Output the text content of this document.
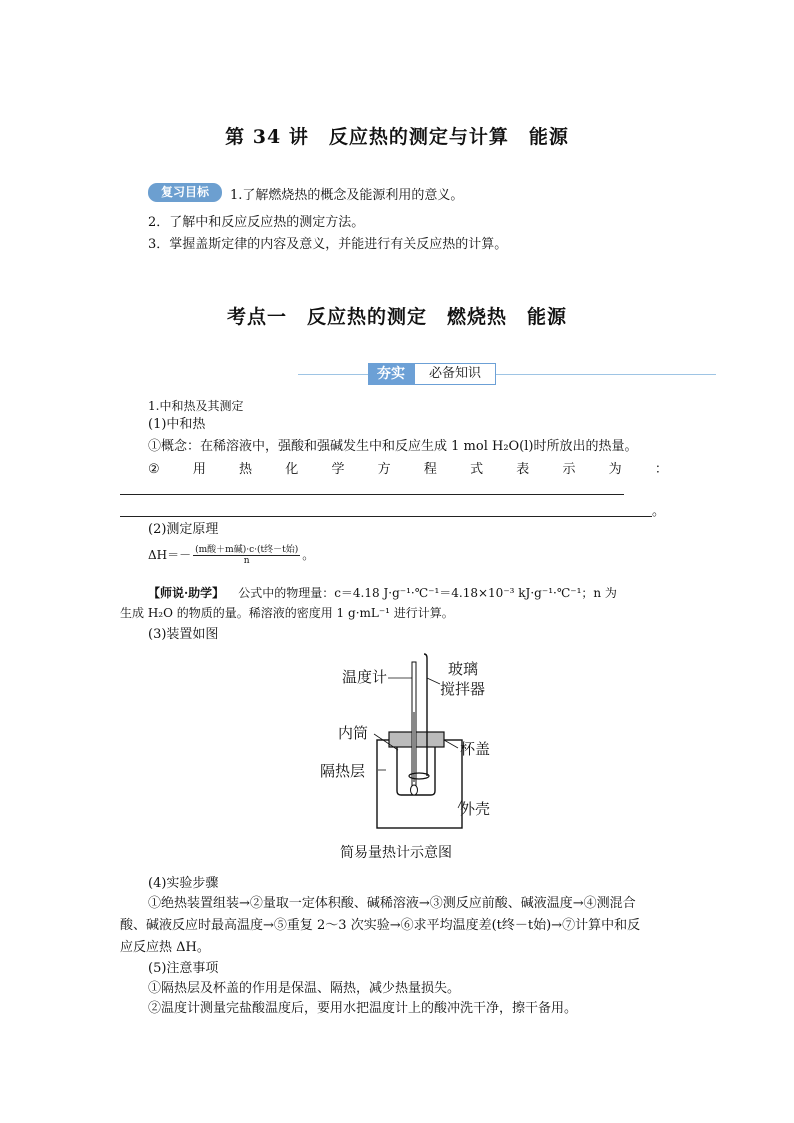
第 34 讲　反应热的测定与计算　能源
复习目标	1.了解燃烧热的概念及能源利用的意义。
2．了解中和反应反应热的测定方法。
3．掌握盖斯定律的内容及意义，并能进行有关反应热的计算。
考点一　反应热的测定　燃烧热　能源
夯实	必备知识
1.中和热及其测定
(1)中和热
①概念：在稀溶液中，强酸和强碱发生中和反应生成 1 mol H₂O(l)时所放出的热量。
②	用	热	化	学	方	程	式	表	示	为	：
。
(2)测定原理
ΔH＝－ (m酸＋m碱)·c·(t终－t始)
n	。
【师说·助学】 公式中的物理量：c＝4.18 J·g⁻¹·℃⁻¹＝4.18×10⁻³ kJ·g⁻¹·℃⁻¹；n 为
生成 H₂O 的物质的量。稀溶液的密度用 1 g·mL⁻¹ 进行计算。
(3)装置如图
温度计	玻璃
搅拌器
内筒
杯盖
隔热层
外壳
简易量热计示意图
(4)实验步骤
①绝热装置组装→②量取一定体积酸、碱稀溶液→③测反应前酸、碱液温度→④测混合
酸、碱液反应时最高温度→⑤重复 2～3 次实验→⑥求平均温度差(t终－t始)→⑦计算中和反
应反应热 ΔH。
(5)注意事项
①隔热层及杯盖的作用是保温、隔热，减少热量损失。
②温度计测量完盐酸温度后，要用水把温度计上的酸冲洗干净，擦干备用。
